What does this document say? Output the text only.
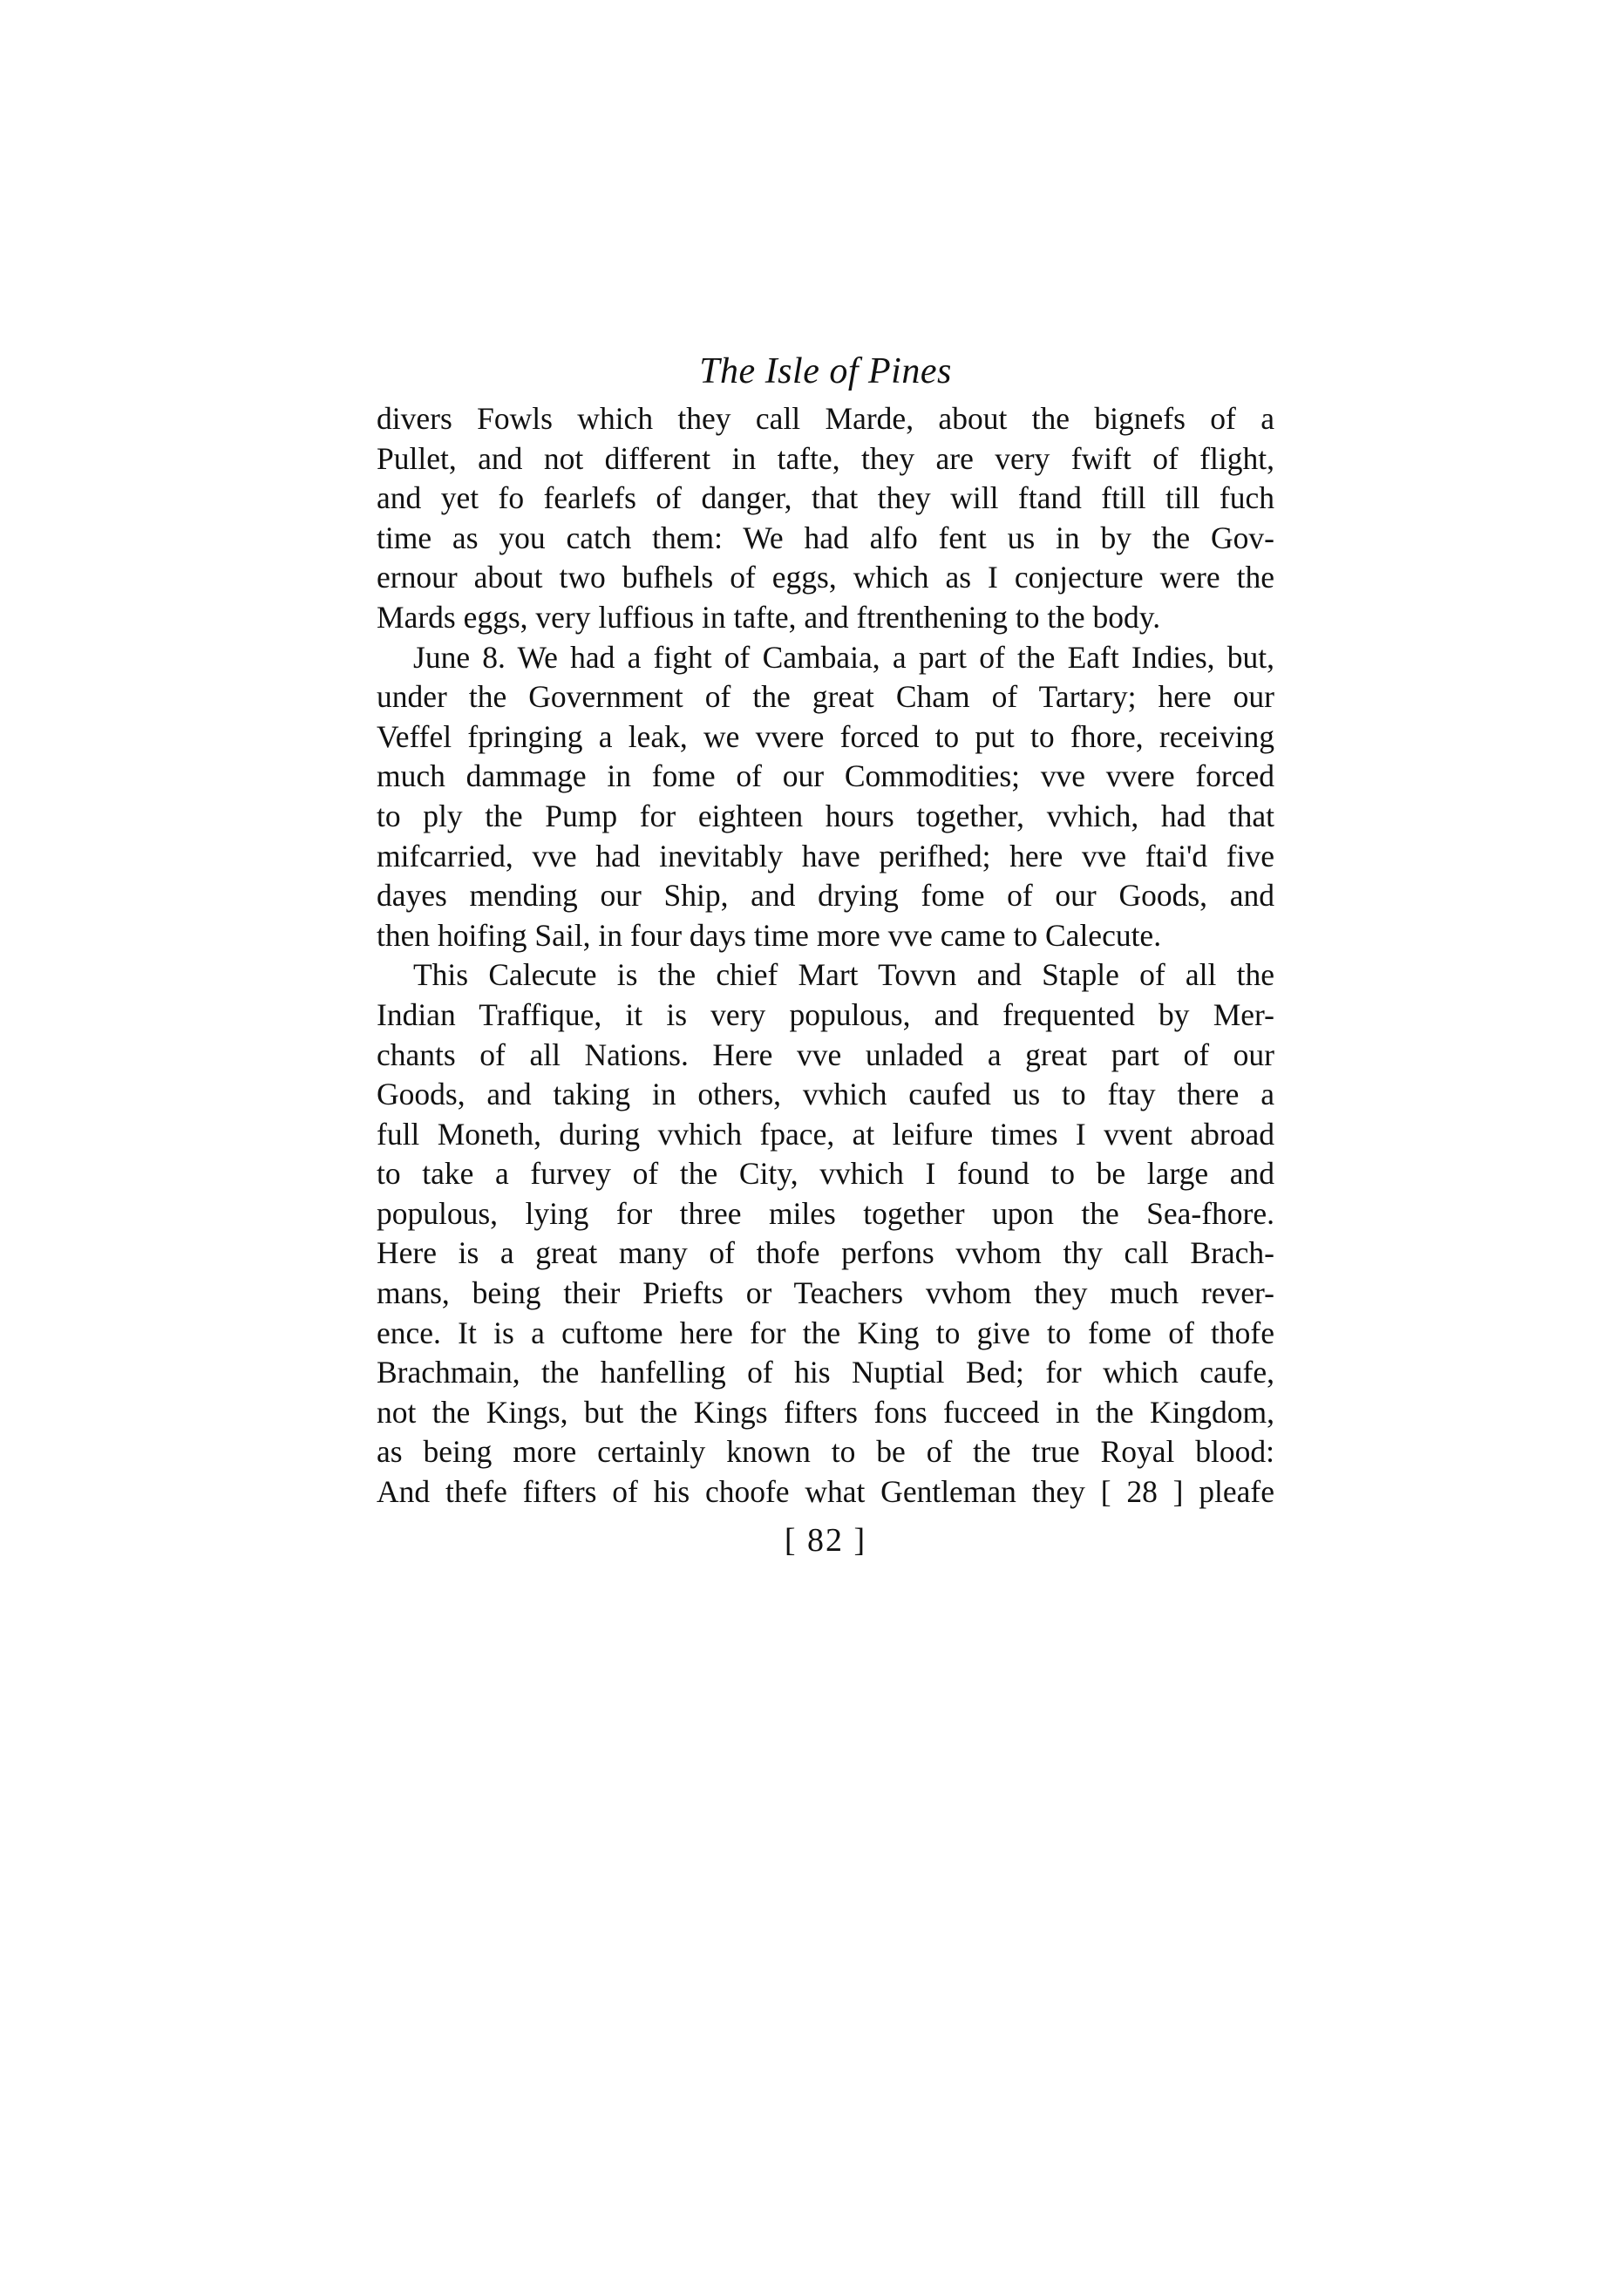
The Isle of Pines
divers Fowls which they call Marde, about the bignefs of a
Pullet, and not different in tafte, they are very fwift of flight,
and yet fo fearlefs of danger, that they will ftand ftill till fuch
time as you catch them: We had alfo fent us in by the Gov-
ernour about two bufhels of eggs, which as I conjecture were the
Mards eggs, very luffious in tafte, and ftrenthening to the body.
June 8. We had a fight of Cambaia, a part of the Eaft Indies, but,
under the Government of the great Cham of Tartary; here our
Veffel fpringing a leak, we vvere forced to put to fhore, receiving
much dammage in fome of our Commodities; vve vvere forced
to ply the Pump for eighteen hours together, vvhich, had that
mifcarried, vve had inevitably have perifhed; here vve ftai'd five
dayes mending our Ship, and drying fome of our Goods, and
then hoifing Sail, in four days time more vve came to Calecute.
This Calecute is the chief Mart Tovvn and Staple of all the
Indian Traffique, it is very populous, and frequented by Mer-
chants of all Nations. Here vve unladed a great part of our
Goods, and taking in others, vvhich caufed us to ftay there a
full Moneth, during vvhich fpace, at leifure times I vvent abroad
to take a furvey of the City, vvhich I found to be large and
populous, lying for three miles together upon the Sea-fhore.
Here is a great many of thofe perfons vvhom thy call Brach-
mans, being their Priefts or Teachers vvhom they much rever-
ence. It is a cuftome here for the King to give to fome of thofe
Brachmain, the hanfelling of his Nuptial Bed; for which caufe,
not the Kings, but the Kings fifters fons fucceed in the Kingdom,
as being more certainly known to be of the true Royal blood:
And thefe fifters of his choofe what Gentleman they [ 28 ] pleafe
[ 82 ]
